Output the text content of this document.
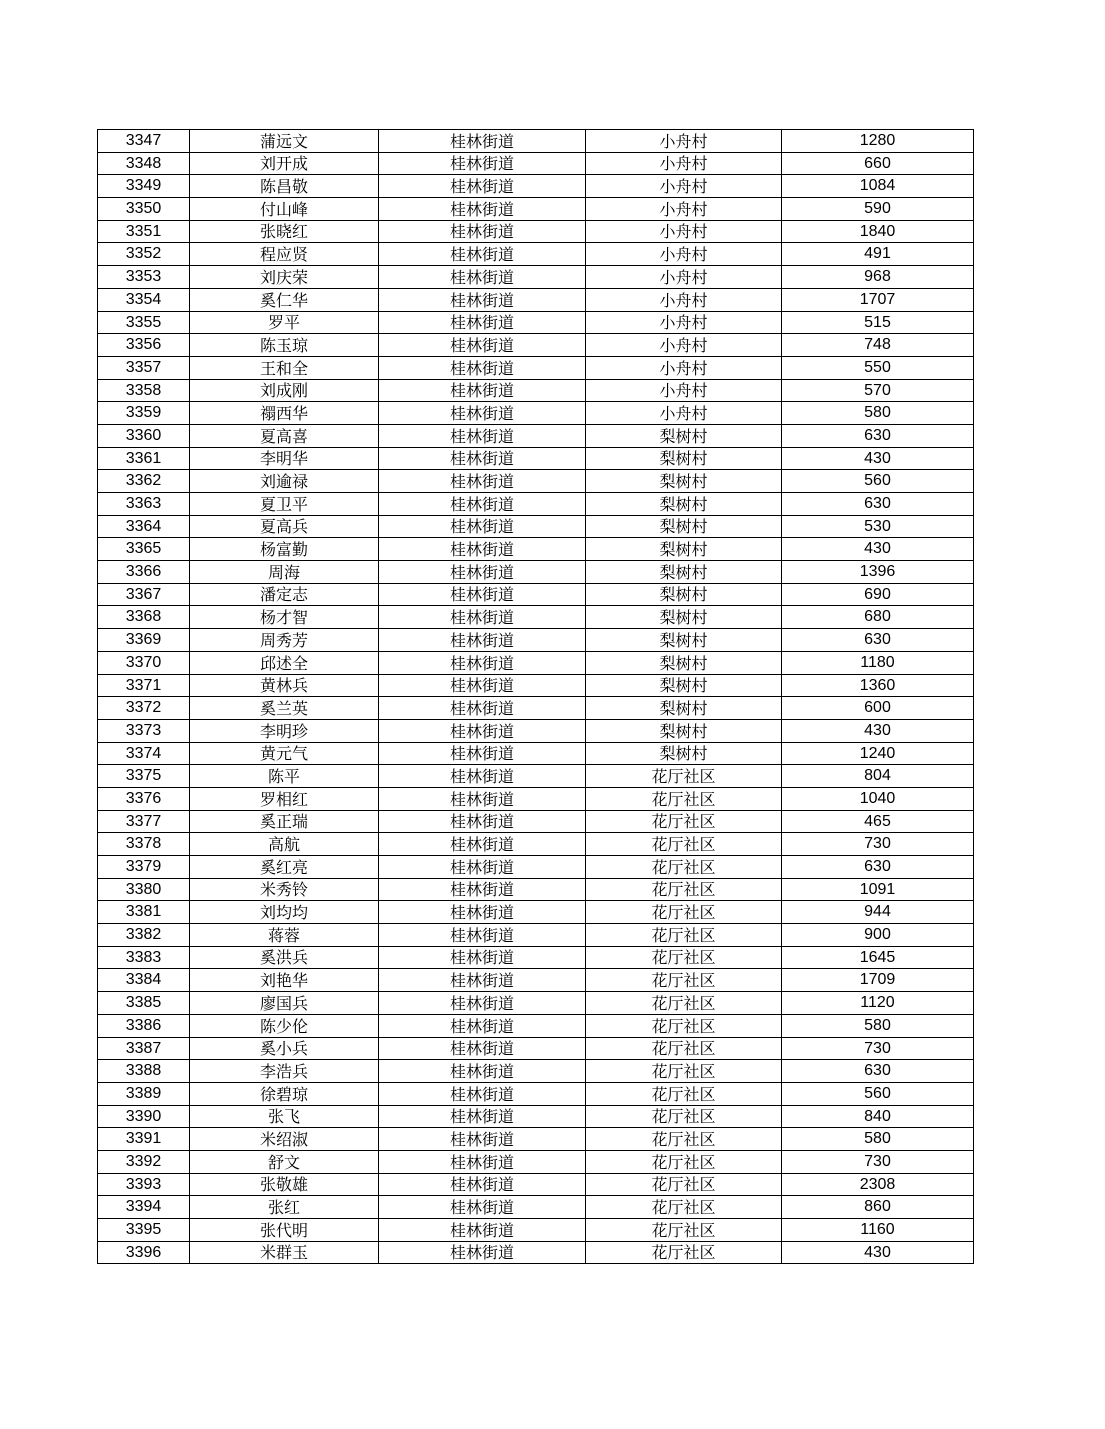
3347	蒲远文	桂林街道	小舟村	1280
3348	刘开成	桂林街道	小舟村	660
3349	陈昌敬	桂林街道	小舟村	1084
3350	付山峰	桂林街道	小舟村	590
3351	张晓红	桂林街道	小舟村	1840
3352	程应贤	桂林街道	小舟村	491
3353	刘庆荣	桂林街道	小舟村	968
3354	奚仁华	桂林街道	小舟村	1707
3355	罗平	桂林街道	小舟村	515
3356	陈玉琼	桂林街道	小舟村	748
3357	王和全	桂林街道	小舟村	550
3358	刘成刚	桂林街道	小舟村	570
3359	禤西华	桂林街道	小舟村	580
3360	夏高喜	桂林街道	梨树村	630
3361	李明华	桂林街道	梨树村	430
3362	刘逾禄	桂林街道	梨树村	560
3363	夏卫平	桂林街道	梨树村	630
3364	夏高兵	桂林街道	梨树村	530
3365	杨富勤	桂林街道	梨树村	430
3366	周海	桂林街道	梨树村	1396
3367	潘定志	桂林街道	梨树村	690
3368	杨才智	桂林街道	梨树村	680
3369	周秀芳	桂林街道	梨树村	630
3370	邱述全	桂林街道	梨树村	1180
3371	黄林兵	桂林街道	梨树村	1360
3372	奚兰英	桂林街道	梨树村	600
3373	李明珍	桂林街道	梨树村	430
3374	黄元气	桂林街道	梨树村	1240
3375	陈平	桂林街道	花厅社区	804
3376	罗相红	桂林街道	花厅社区	1040
3377	奚正瑞	桂林街道	花厅社区	465
3378	高航	桂林街道	花厅社区	730
3379	奚红亮	桂林街道	花厅社区	630
3380	米秀铃	桂林街道	花厅社区	1091
3381	刘均均	桂林街道	花厅社区	944
3382	蒋蓉	桂林街道	花厅社区	900
3383	奚洪兵	桂林街道	花厅社区	1645
3384	刘艳华	桂林街道	花厅社区	1709
3385	廖国兵	桂林街道	花厅社区	1120
3386	陈少伦	桂林街道	花厅社区	580
3387	奚小兵	桂林街道	花厅社区	730
3388	李浩兵	桂林街道	花厅社区	630
3389	徐碧琼	桂林街道	花厅社区	560
3390	张飞	桂林街道	花厅社区	840
3391	米绍淑	桂林街道	花厅社区	580
3392	舒文	桂林街道	花厅社区	730
3393	张敬雄	桂林街道	花厅社区	2308
3394	张红	桂林街道	花厅社区	860
3395	张代明	桂林街道	花厅社区	1160
3396	米群玉	桂林街道	花厅社区	430
